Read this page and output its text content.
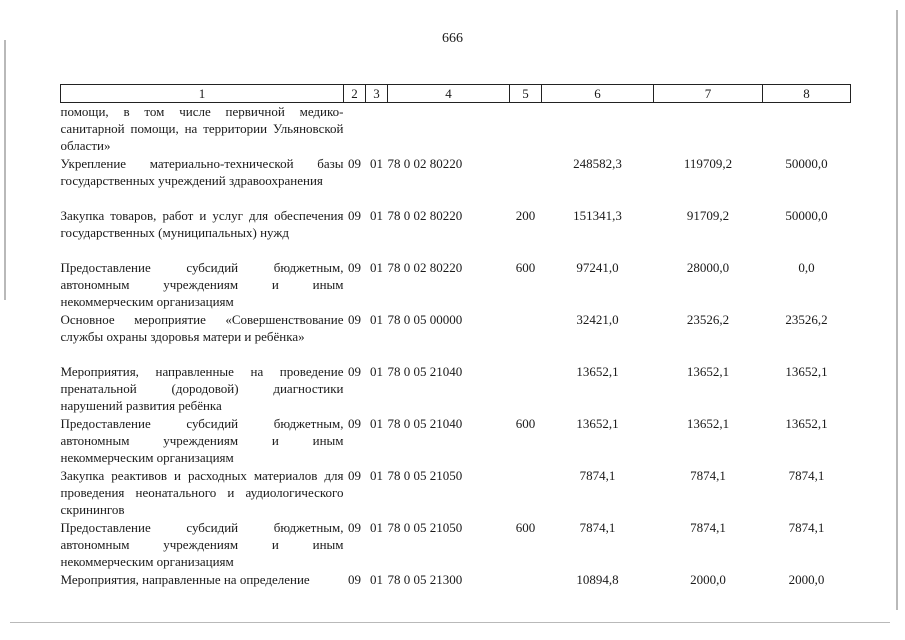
666
1	2	3	4	5	6	7	8
помощи, в том числе первичной медико-санитарной помощи, на территории Ульяновской области»							
Укрепление материально-технической базы государственных учреждений здравоохранения	09	01	78 0 02 80220		248582,3	119709,2	50000,0
Закупка товаров, работ и услуг для обеспечения государственных (муниципальных) нужд	09	01	78 0 02 80220	200	151341,3	91709,2	50000,0
Предоставление субсидий бюджетным, автономным учреждениям и иным некоммерческим организациям	09	01	78 0 02 80220	600	97241,0	28000,0	0,0
Основное мероприятие «Совершенствование службы охраны здоровья матери и ребёнка»	09	01	78 0 05 00000		32421,0	23526,2	23526,2
Мероприятия, направленные на проведение пренатальной (дородовой) диагностики нарушений развития ребёнка	09	01	78 0 05 21040		13652,1	13652,1	13652,1
Предоставление субсидий бюджетным, автономным учреждениям и иным некоммерческим организациям	09	01	78 0 05 21040	600	13652,1	13652,1	13652,1
Закупка реактивов и расходных материалов для проведения неонатального и аудиологического скринингов	09	01	78 0 05 21050		7874,1	7874,1	7874,1
Предоставление субсидий бюджетным, автономным учреждениям и иным некоммерческим организациям	09	01	78 0 05 21050	600	7874,1	7874,1	7874,1
Мероприятия, направленные на определение	09	01	78 0 05 21300		10894,8	2000,0	2000,0
